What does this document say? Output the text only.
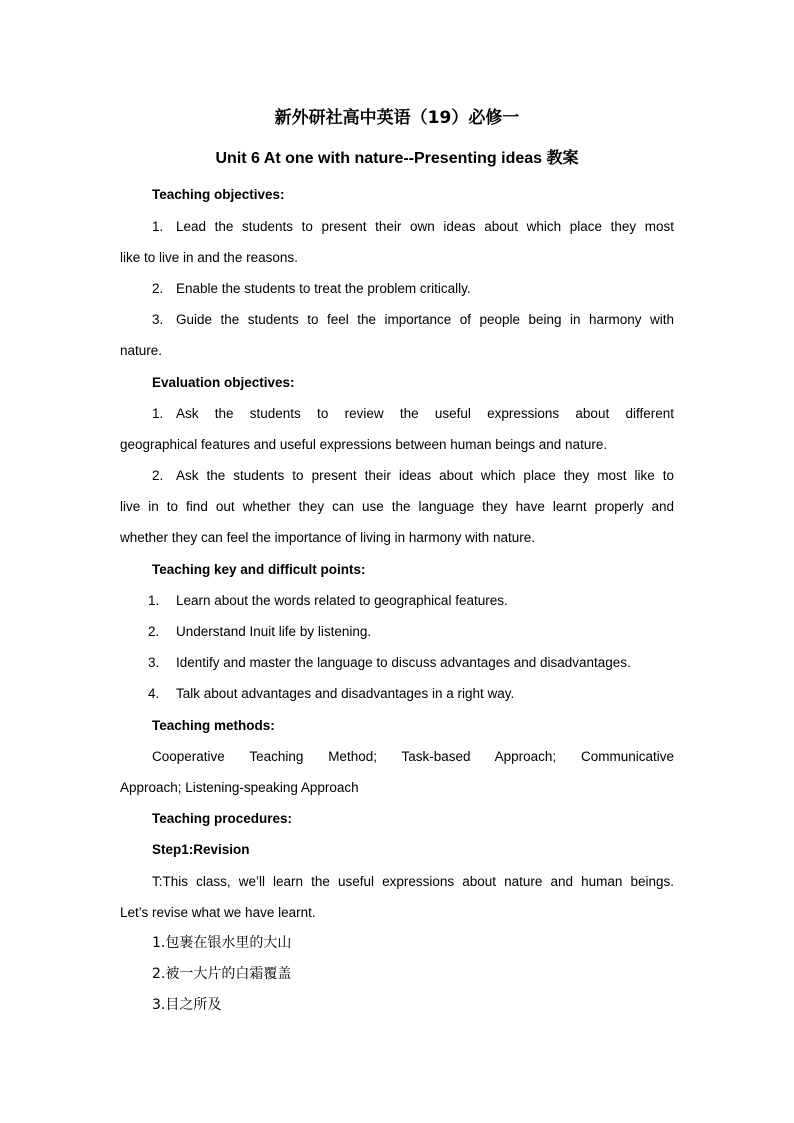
新外研社高中英语（19）必修一
Unit 6 At one with nature--Presenting ideas 教案
Teaching objectives:
1. Lead the students to present their own ideas about which place they most
like to live in and the reasons.
2. Enable the students to treat the problem critically.
3. Guide the students to feel the importance of people being in harmony with
nature.
Evaluation objectives:
1. Ask the students to review the useful expressions about different
geographical features and useful expressions between human beings and nature.
2. Ask the students to present their ideas about which place they most like to
live in to find out whether they can use the language they have learnt properly and
whether they can feel the importance of living in harmony with nature.
Teaching key and difficult points:
1. Learn about the words related to geographical features.
2. Understand Inuit life by listening.
3. Identify and master the language to discuss advantages and disadvantages.
4. Talk about advantages and disadvantages in a right way.
Teaching methods:
Cooperative Teaching Method; Task-based Approach; Communicative
Approach; Listening-speaking Approach
Teaching procedures:
Step1:Revision
T:This class, we’ll learn the useful expressions about nature and human beings.
Let’s revise what we have learnt.
1.包裹在银水里的大山
2.被一大片的白霜覆盖
3.目之所及
